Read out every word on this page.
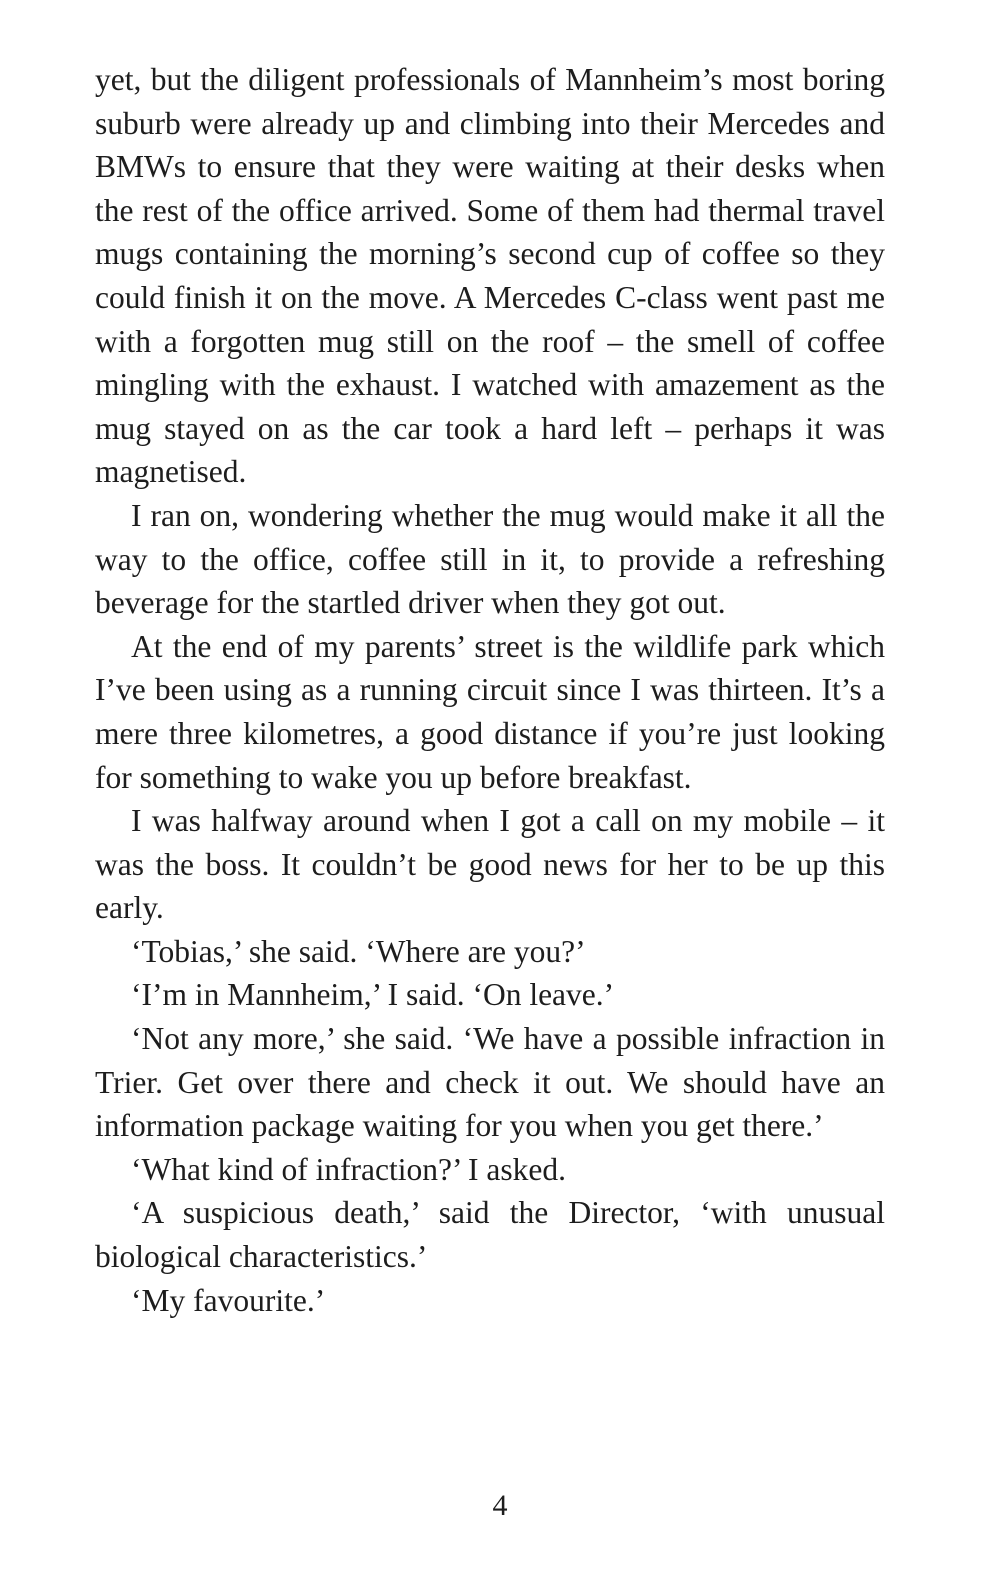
yet, but the diligent professionals of Mannheim’s most boring suburb were already up and climbing into their Mercedes and BMWs to ensure that they were waiting at their desks when the rest of the office arrived. Some of them had thermal travel mugs containing the morning’s second cup of coffee so they could finish it on the move. A Mercedes C-class went past me with a forgotten mug still on the roof – the smell of coffee mingling with the exhaust. I watched with amazement as the mug stayed on as the car took a hard left – perhaps it was magnetised.

I ran on, wondering whether the mug would make it all the way to the office, coffee still in it, to provide a refreshing beverage for the startled driver when they got out.

At the end of my parents’ street is the wildlife park which I’ve been using as a running circuit since I was thirteen. It’s a mere three kilometres, a good distance if you’re just looking for something to wake you up before breakfast.

I was halfway around when I got a call on my mobile – it was the boss. It couldn’t be good news for her to be up this early.

‘Tobias,’ she said. ‘Where are you?’

‘I’m in Mannheim,’ I said. ‘On leave.’

‘Not any more,’ she said. ‘We have a possible infraction in Trier. Get over there and check it out. We should have an information package waiting for you when you get there.’

‘What kind of infraction?’ I asked.

‘A suspicious death,’ said the Director, ‘with unusual biological characteristics.’

‘My favourite.’

4
